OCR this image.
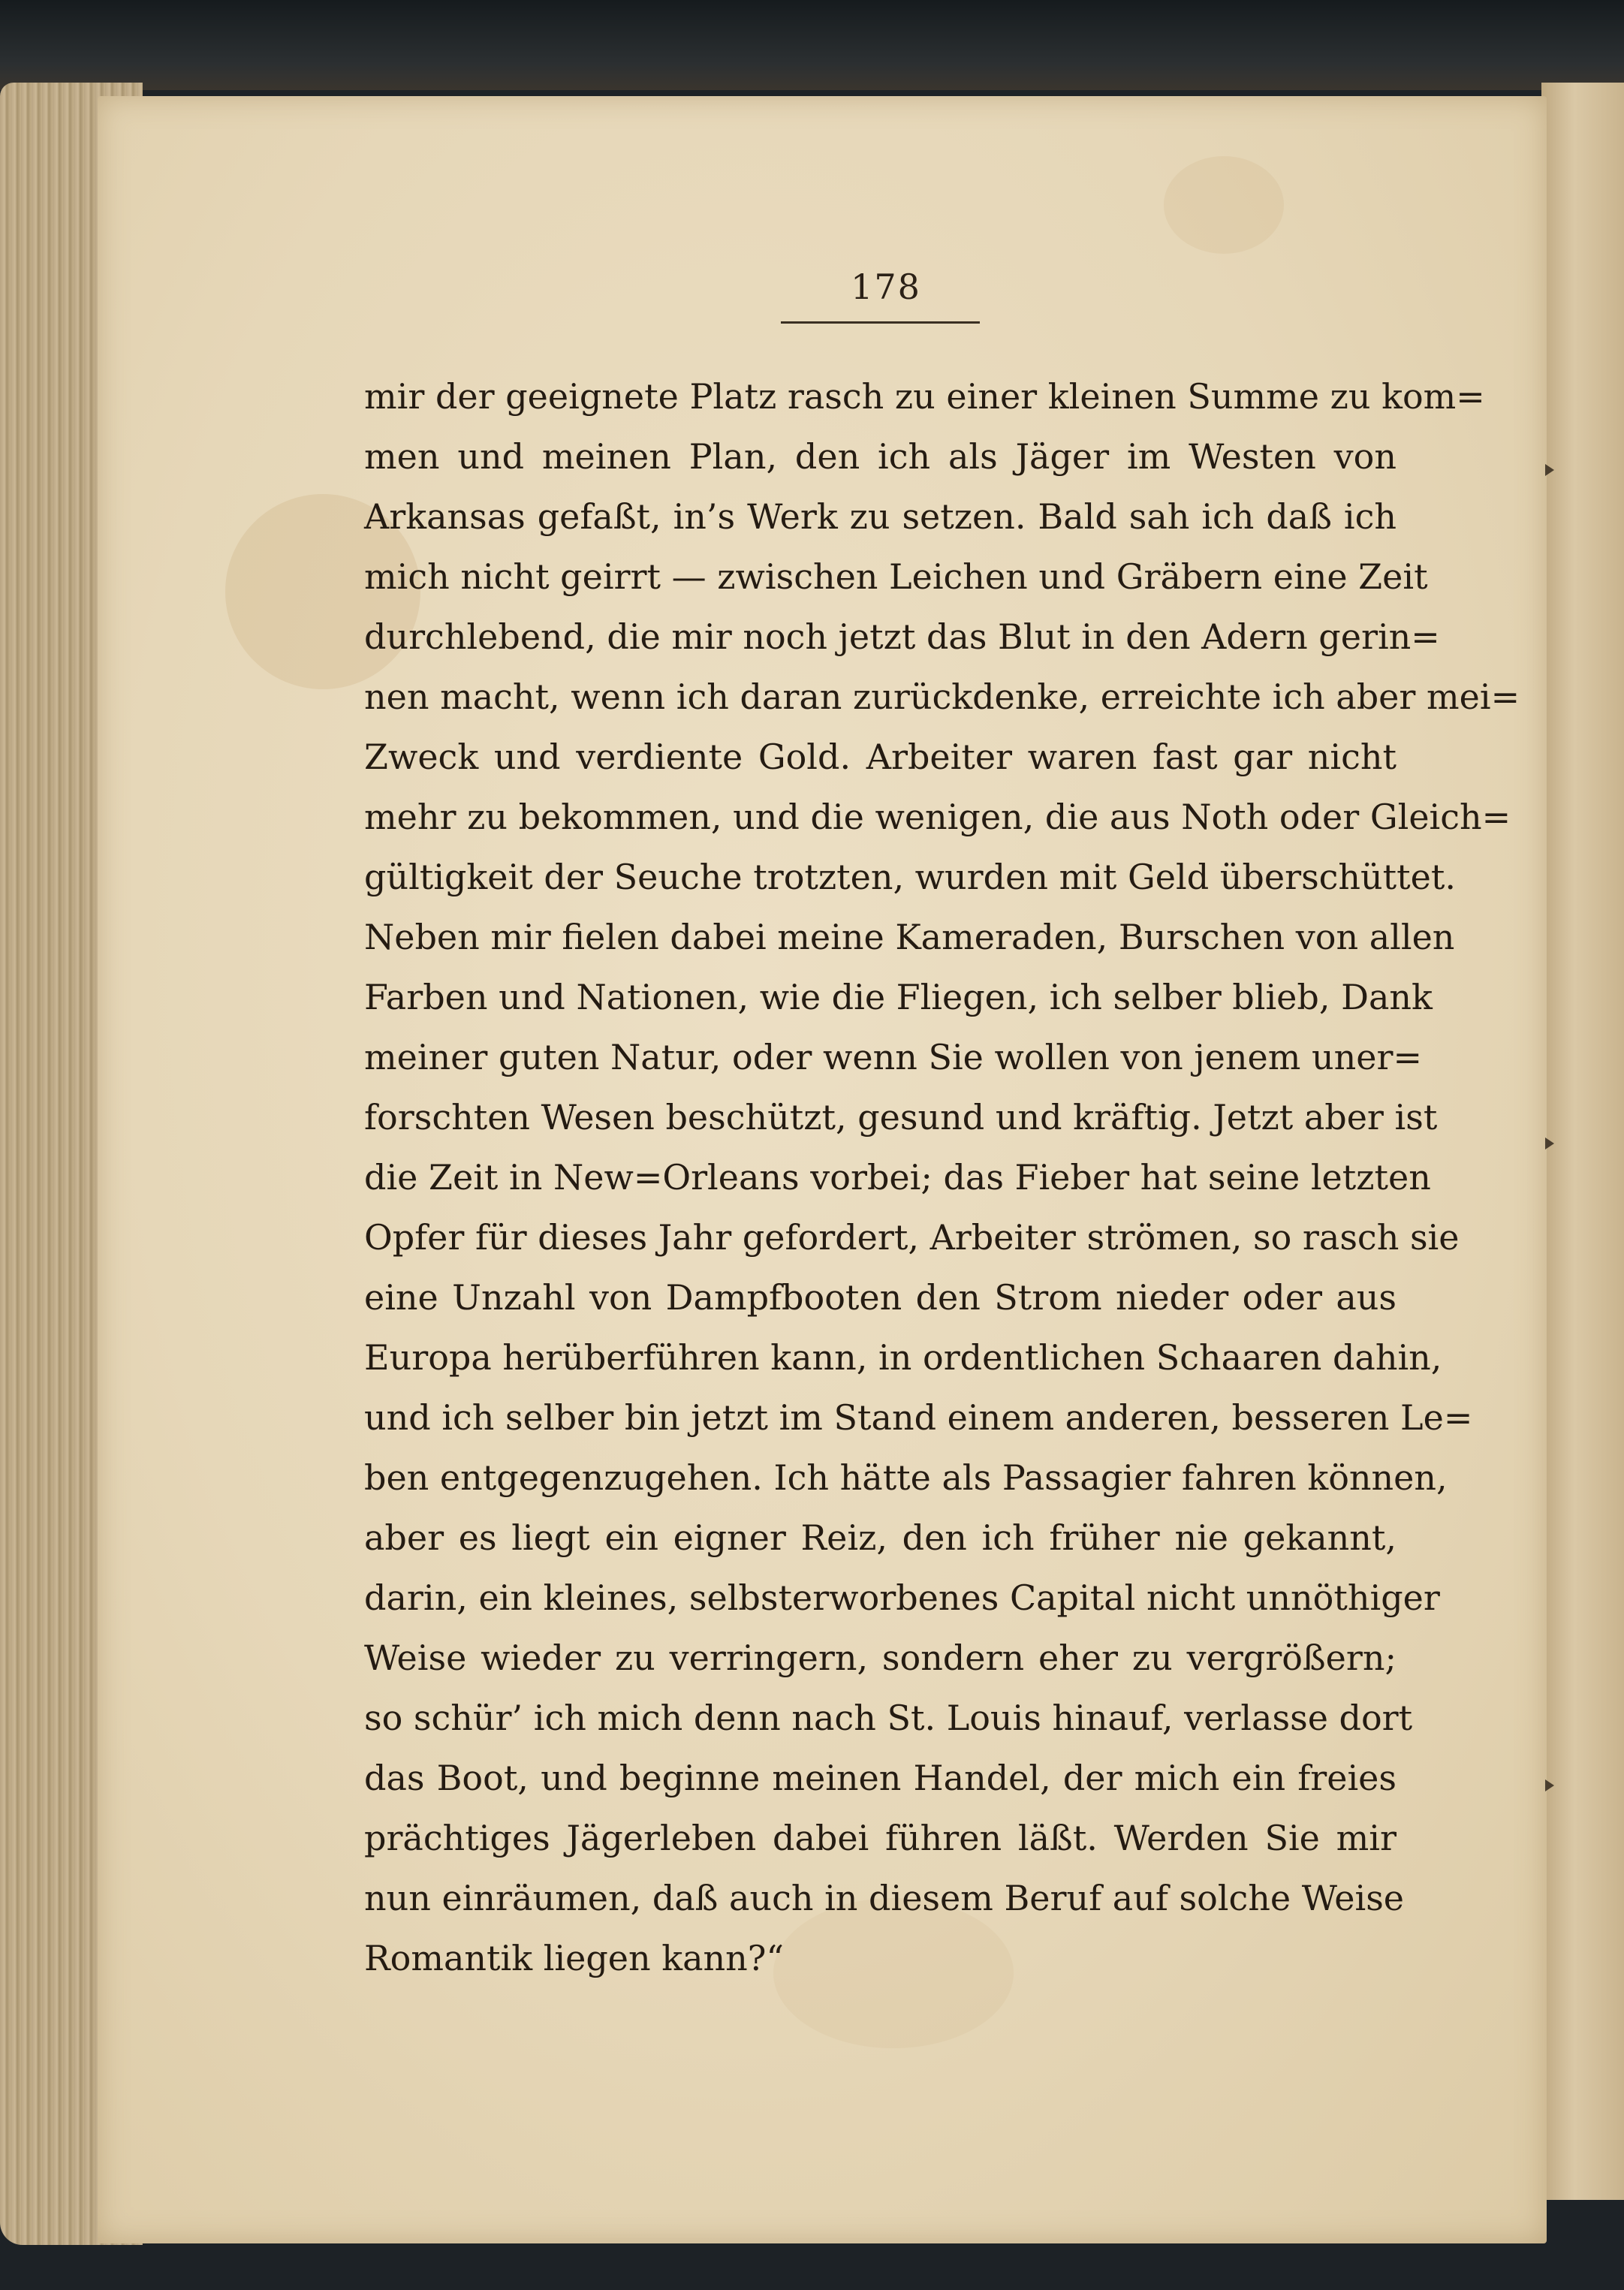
178
mir der geeignete Platz rasch zu einer kleinen Summe zu kom=
men und meinen Plan, den ich als Jäger im Westen von
Arkansas gefaßt, in’s Werk zu setzen. Bald sah ich daß ich
mich nicht geirrt — zwischen Leichen und Gräbern eine Zeit
durchlebend, die mir noch jetzt das Blut in den Adern gerin=
nen macht, wenn ich daran zurückdenke, erreichte ich aber mei=
Zweck und verdiente Gold. Arbeiter waren fast gar nicht
mehr zu bekommen, und die wenigen, die aus Noth oder Gleich=
gültigkeit der Seuche trotzten, wurden mit Geld überschüttet.
Neben mir fielen dabei meine Kameraden, Burschen von allen
Farben und Nationen, wie die Fliegen, ich selber blieb, Dank
meiner guten Natur, oder wenn Sie wollen von jenem uner=
forschten Wesen beschützt, gesund und kräftig. Jetzt aber ist
die Zeit in New=Orleans vorbei; das Fieber hat seine letzten
Opfer für dieses Jahr gefordert, Arbeiter strömen, so rasch sie
eine Unzahl von Dampfbooten den Strom nieder oder aus
Europa herüberführen kann, in ordentlichen Schaaren dahin,
und ich selber bin jetzt im Stand einem anderen, besseren Le=
ben entgegenzugehen. Ich hätte als Passagier fahren können,
aber es liegt ein eigner Reiz, den ich früher nie gekannt,
darin, ein kleines, selbsterworbenes Capital nicht unnöthiger
Weise wieder zu verringern, sondern eher zu vergrößern;
so schür’ ich mich denn nach St. Louis hinauf, verlasse dort
das Boot, und beginne meinen Handel, der mich ein freies
prächtiges Jägerleben dabei führen läßt. Werden Sie mir
nun einräumen, daß auch in diesem Beruf auf solche Weise
Romantik liegen kann?“
